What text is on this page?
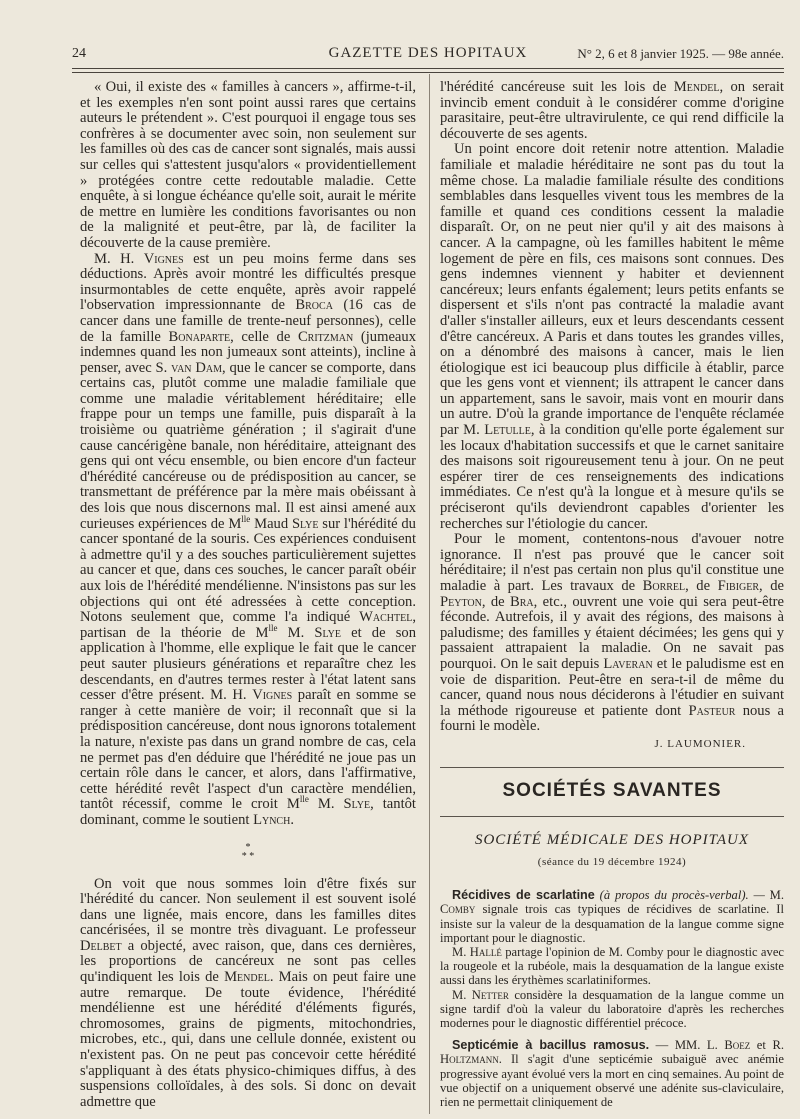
24	GAZETTE DES HOPITAUX	N° 2, 6 et 8 janvier 1925. — 98e année.

« Oui, il existe des « familles à cancers », affirme-t-il, et les exemples n'en sont point aussi rares que certains auteurs le prétendent ». C'est pourquoi il engage tous ses confrères à se documenter avec soin, non seulement sur les familles où des cas de cancer sont signalés, mais aussi sur celles qui s'attestent jusqu'alors « providentiellement » protégées contre cette redoutable maladie. Cette enquête, à si longue échéance qu'elle soit, aurait le mérite de mettre en lumière les conditions favorisantes ou non de la malignité et peut-être, par là, de faciliter la découverte de la cause première.

M. H. Vignes est un peu moins ferme dans ses déductions. Après avoir montré les difficultés presque insurmontables de cette enquête, après avoir rappelé l'observation impressionnante de Broca (16 cas de cancer dans une famille de trente-neuf personnes), celle de la famille Bonaparte, celle de Critzman (jumeaux indemnes quand les non jumeaux sont atteints), incline à penser, avec S. van Dam, que le cancer se comporte, dans certains cas, plutôt comme une maladie familiale que comme une maladie véritablement héréditaire; elle frappe pour un temps une famille, puis disparaît à la troisième ou quatrième génération ; il s'agirait d'une cause cancérigène banale, non héréditaire, atteignant des gens qui ont vécu ensemble, ou bien encore d'un facteur d'hérédité cancéreuse ou de prédisposition au cancer, se transmettant de préférence par la mère mais obéissant à des lois que nous discernons mal. Il est ainsi amené aux curieuses expériences de $M^{lle}$ Maud Slye sur l'hérédité du cancer spontané de la souris. Ces expériences conduisent à admettre qu'il y a des souches particulièrement sujettes au cancer et que, dans ces souches, le cancer paraît obéir aux lois de l'hérédité mendélienne. N'insistons pas sur les objections qui ont été adressées à cette conception. Notons seulement que, comme l'a indiqué Wachtel, partisan de la théorie de $M^{lle}$ M. Slye et de son application à l'homme, elle explique le fait que le cancer peut sauter plusieurs générations et reparaître chez les descendants, en d'autres termes rester à l'état latent sans cesser d'être présent. M. H. Vignes paraît en somme se ranger à cette manière de voir; il reconnaît que si la prédisposition cancéreuse, dont nous ignorons totalement la nature, n'existe pas dans un grand nombre de cas, cela ne permet pas d'en déduire que l'hérédité ne joue pas un certain rôle dans le cancer, et alors, dans l'affirmative, cette hérédité revêt l'aspect d'un caractère mendélien, tantôt récessif, comme le croit $M^{lle}$ M. Slye, tantôt dominant, comme le soutient Lynch.

*
* *

On voit que nous sommes loin d'être fixés sur l'hérédité du cancer. Non seulement il est souvent isolé dans une lignée, mais encore, dans les familles dites cancérisées, il se montre très divaguant. Le professeur Delbet a objecté, avec raison, que, dans ces dernières, les proportions de cancéreux ne sont pas celles qu'indiquent les lois de Mendel. Mais on peut faire une autre remarque. De toute évidence, l'hérédité mendélienne est une hérédité d'éléments figurés, chromosomes, grains de pigments, mitochondries, microbes, etc., qui, dans une cellule donnée, existent ou n'existent pas. On ne peut pas concevoir cette hérédité s'appliquant à des états physico-chimiques diffus, à des suspensions colloïdales, à des sols. Si donc on devait admettre que

l'hérédité cancéreuse suit les lois de Mendel, on serait invincib ement conduit à le considérer comme d'origine parasitaire, peut-être ultravirulente, ce qui rend difficile la découverte de ses agents.

Un point encore doit retenir notre attention. Maladie familiale et maladie héréditaire ne sont pas du tout la même chose. La maladie familiale résulte des conditions semblables dans lesquelles vivent tous les membres de la famille et quand ces conditions cessent la maladie disparaît. Or, on ne peut nier qu'il y ait des maisons à cancer. A la campagne, où les familles habitent le même logement de père en fils, ces maisons sont connues. Des gens indemnes viennent y habiter et deviennent cancéreux; leurs enfants également; leurs petits enfants se dispersent et s'ils n'ont pas contracté la maladie avant d'aller s'installer ailleurs, eux et leurs descendants cessent d'être cancéreux. A Paris et dans toutes les grandes villes, on a dénombré des maisons à cancer, mais le lien étiologique est ici beaucoup plus difficile à établir, parce que les gens vont et viennent; ils attrapent le cancer dans un appartement, sans le savoir, mais vont en mourir dans un autre. D'où la grande importance de l'enquête réclamée par M. Letulle, à la condition qu'elle porte également sur les locaux d'habitation successifs et que le carnet sanitaire des maisons soit rigoureusement tenu à jour. On ne peut espérer tirer de ces renseignements des indications immédiates. Ce n'est qu'à la longue et à mesure qu'ils se préciseront qu'ils deviendront capables d'orienter les recherches sur l'étiologie du cancer.

Pour le moment, contentons-nous d'avouer notre ignorance. Il n'est pas prouvé que le cancer soit héréditaire; il n'est pas certain non plus qu'il constitue une maladie à part. Les travaux de Borrel, de Fibiger, de Peyton, de Bra, etc., ouvrent une voie qui sera peut-être féconde. Autrefois, il y avait des régions, des maisons à paludisme; des familles y étaient décimées; les gens qui y passaient attrapaient la maladie. On ne savait pas pourquoi. On le sait depuis Laveran et le paludisme est en voie de disparition. Peut-être en sera-t-il de même du cancer, quand nous nous déciderons à l'étudier en suivant la méthode rigoureuse et patiente dont Pasteur nous a fourni le modèle.

J. LAUMONIER.
SOCIÉTÉS SAVANTES
SOCIÉTÉ MÉDICALE DES HOPITAUX
(séance du 19 décembre 1924)

Récidives de scarlatine (à propos du procès-verbal). — M. Comby signale trois cas typiques de récidives de scarlatine. Il insiste sur la valeur de la desquamation de la langue comme signe important pour le diagnostic.

M. Hallé partage l'opinion de M. Comby pour le diagnostic avec la rougeole et la rubéole, mais la desquamation de la langue existe aussi dans les érythèmes scarlatiniformes.

M. Netter considère la desquamation de la langue comme un signe tardif d'où la valeur du laboratoire d'après les recherches modernes pour le diagnostic différentiel précoce.

Septicémie à bacillus ramosus. — MM. L. Boez et R. Holtzmann. Il s'agit d'une septicémie subaiguë avec anémie progressive ayant évolué vers la mort en cinq semaines. Au point de vue objectif on a uniquement observé une adénite sus-claviculaire, rien ne permettait cliniquement de
